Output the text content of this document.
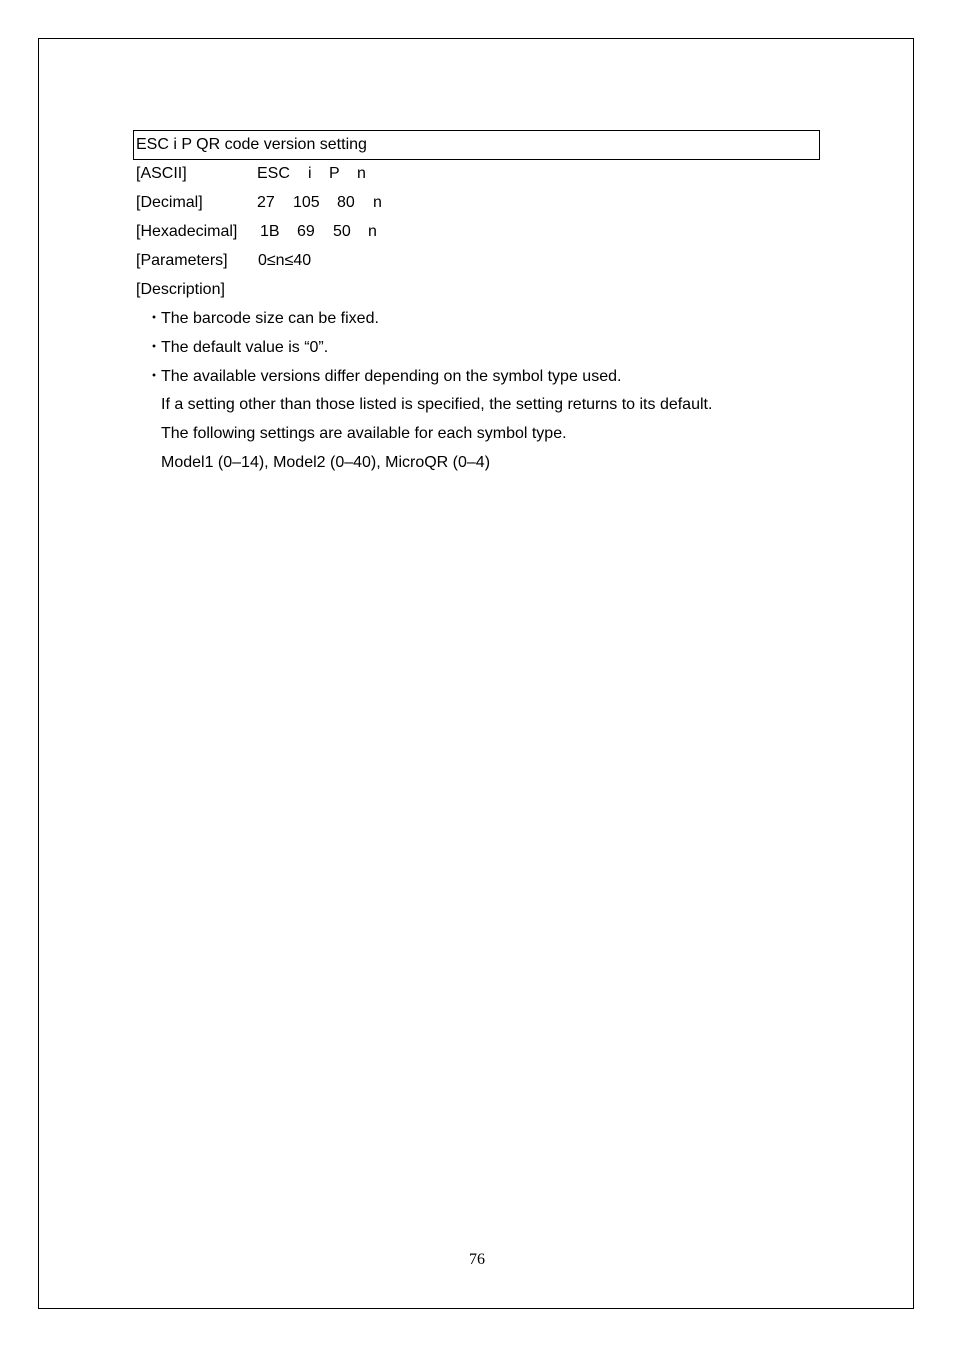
ESC i P QR code version setting
[ASCII]	ESC i P n
[Decimal]	27 105 80 n
[Hexadecimal] 1B 69 50 n
[Parameters] 0≤n≤40
[Description]
・
The barcode size can be fixed.
・
The default value is “0”.
・
The available versions differ depending on the symbol type used.
If a setting other than those listed is specified, the setting returns to its default.
The following settings are available for each symbol type.
Model1 (0–14), Model2 (0–40), MicroQR (0–4)
76
